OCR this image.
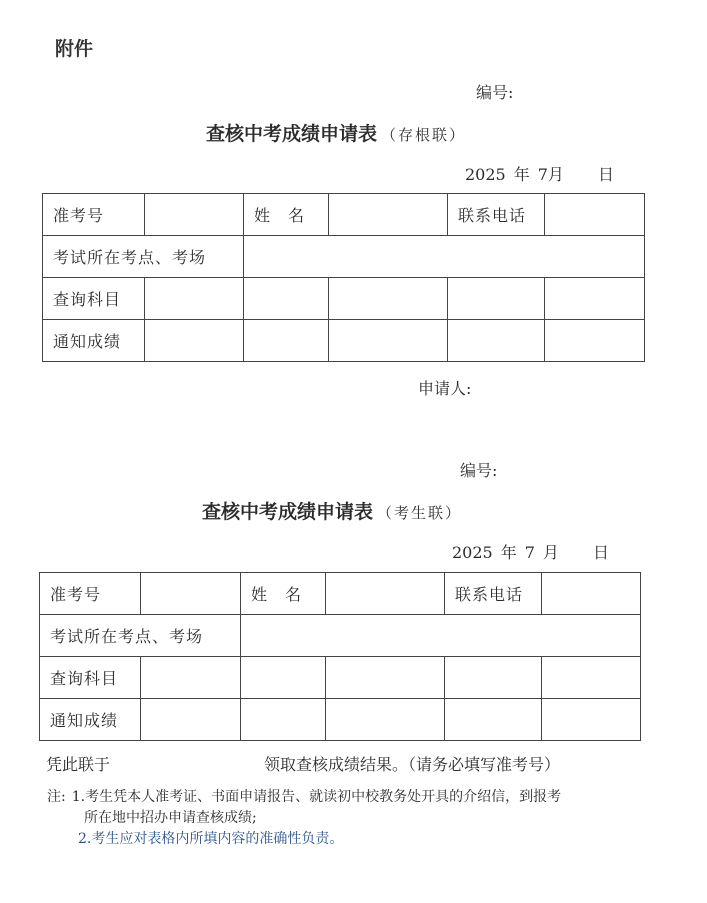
附件
编号:
查核中考成绩申请表 （存根联）
2025 年 7月 日
准考号		姓　名		联系电话	
考试所在考点、考场					
查询科目					
通知成绩					
申请人:
编号:
查核中考成绩申请表 （考生联）
2025 年 7 月 日
准考号		姓　名		联系电话	
考试所在考点、考场					
查询科目					
通知成绩					
凭此联于	领取查核成绩结果。（请务必填写准考号）
注: 1.考生凭本人准考证、书面申请报告、就读初中校教务处开具的介绍信，到报考
所在地中招办申请查核成绩;
2.考生应对表格内所填内容的准确性负责。
